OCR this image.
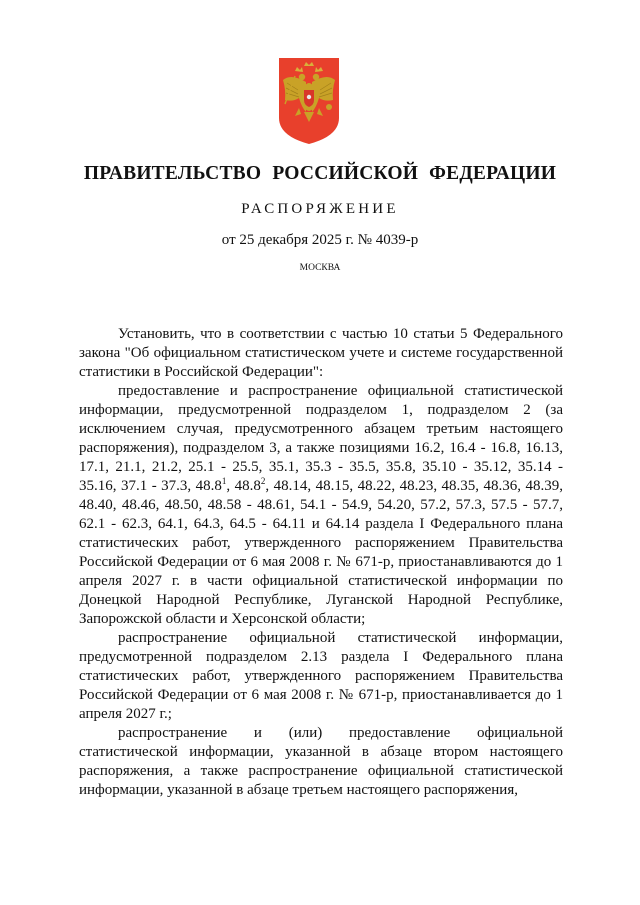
ПРАВИТЕЛЬСТВО РОССИЙСКОЙ ФЕДЕРАЦИИ
РАСПОРЯЖЕНИЕ
от 25 декабря 2025 г. № 4039-р
МОСКВА

Установить, что в соответствии с частью 10 статьи 5 Федерального закона "Об официальном статистическом учете и системе государственной статистики в Российской Федерации":

предоставление и распространение официальной статистической информации, предусмотренной подразделом 1, подразделом 2 (за исключением случая, предусмотренного абзацем третьим настоящего распоряжения), подразделом 3, а также позициями 16.2, 16.4 - 16.8, 16.13, 17.1, 21.1, 21.2, 25.1 - 25.5, 35.1, 35.3 - 35.5, 35.8, 35.10 - 35.12, 35.14 - 35.16, 37.1 - 37.3, 48.8$^1$, 48.8$^2$, 48.14, 48.15, 48.22, 48.23, 48.35, 48.36, 48.39, 48.40, 48.46, 48.50, 48.58 - 48.61, 54.1 - 54.9, 54.20, 57.2, 57.3, 57.5 - 57.7, 62.1 - 62.3, 64.1, 64.3, 64.5 - 64.11 и 64.14 раздела I Федерального плана статистических работ, утвержденного распоряжением Правительства Российской Федерации от 6 мая 2008 г. № 671-р, приостанавливаются до 1 апреля 2027 г. в части официальной статистической информации по Донецкой Народной Республике, Луганской Народной Республике, Запорожской области и Херсонской области;

распространение официальной статистической информации, предусмотренной подразделом 2.13 раздела I Федерального плана статистических работ, утвержденного распоряжением Правительства Российской Федерации от 6 мая 2008 г. № 671-р, приостанавливается до 1 апреля 2027 г.;

распространение и (или) предоставление официальной статистической информации, указанной в абзаце втором настоящего распоряжения, а также распространение официальной статистической информации, указанной в абзаце третьем настоящего распоряжения,
